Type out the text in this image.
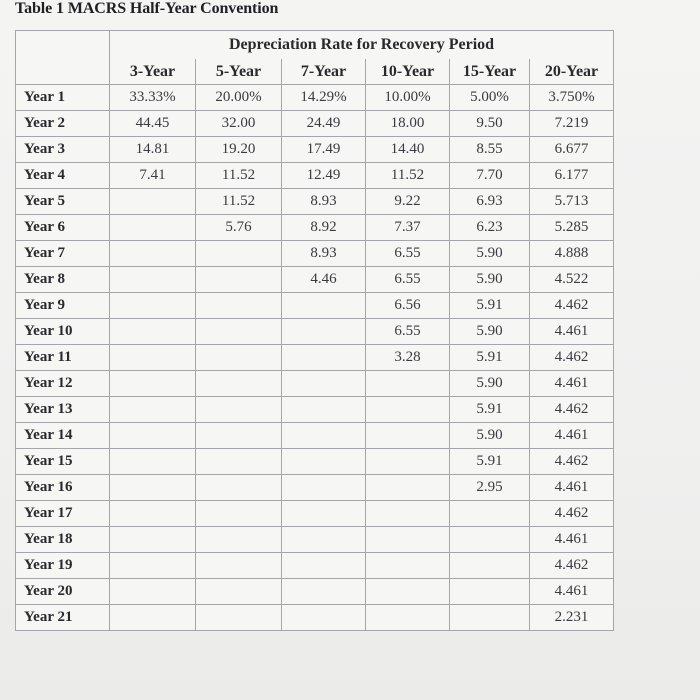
Table 1 MACRS Half-Year Convention
	Depreciation Rate for Recovery Period					
	3-Year	5-Year	7-Year	10-Year	15-Year	20-Year
Year 1	33.33%	20.00%	14.29%	10.00%	5.00%	3.750%
Year 2	44.45	32.00	24.49	18.00	9.50	7.219
Year 3	14.81	19.20	17.49	14.40	8.55	6.677
Year 4	7.41	11.52	12.49	11.52	7.70	6.177
Year 5		11.52	8.93	9.22	6.93	5.713
Year 6		5.76	8.92	7.37	6.23	5.285
Year 7			8.93	6.55	5.90	4.888
Year 8			4.46	6.55	5.90	4.522
Year 9				6.56	5.91	4.462
Year 10				6.55	5.90	4.461
Year 11				3.28	5.91	4.462
Year 12					5.90	4.461
Year 13					5.91	4.462
Year 14					5.90	4.461
Year 15					5.91	4.462
Year 16					2.95	4.461
Year 17						4.462
Year 18						4.461
Year 19						4.462
Year 20						4.461
Year 21						2.231
